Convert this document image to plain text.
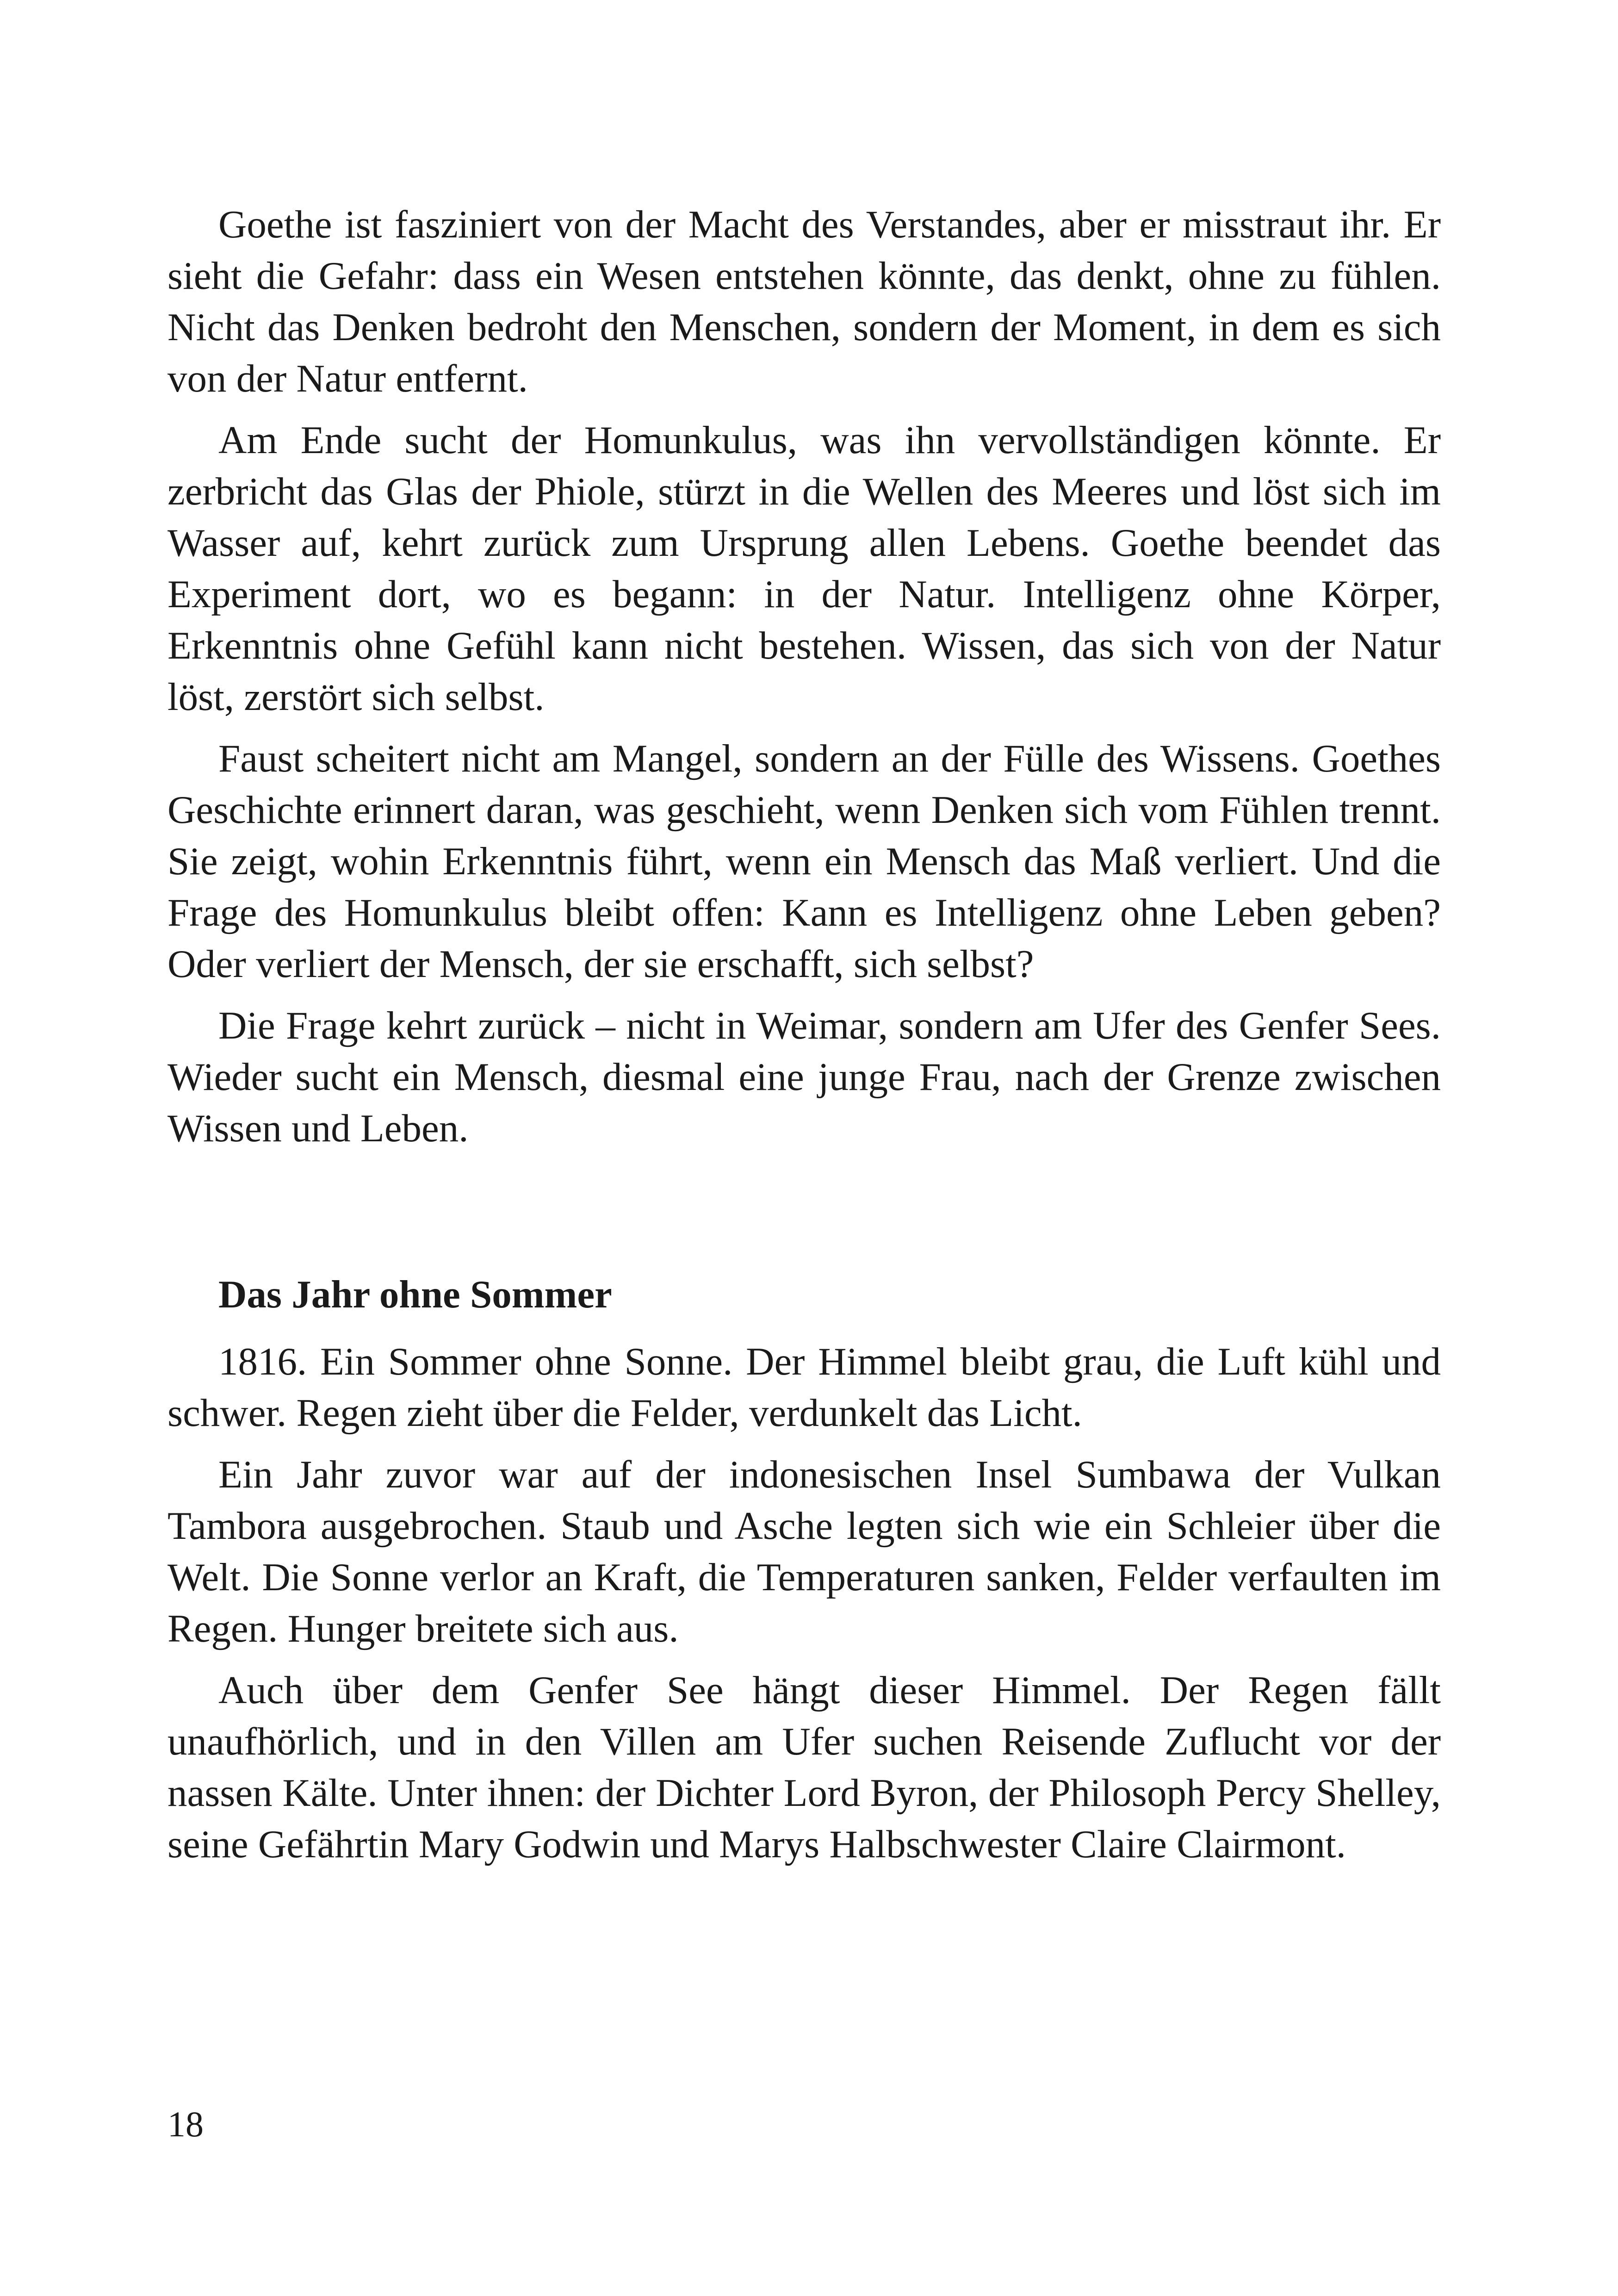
Goethe ist fasziniert von der Macht des Verstandes, aber er misstraut ihr. Er sieht die Gefahr: dass ein Wesen entstehen könnte, das denkt, ohne zu fühlen. Nicht das Denken bedroht den Menschen, sondern der Moment, in dem es sich von der Natur entfernt.

Am Ende sucht der Homunkulus, was ihn vervollständigen könnte. Er zerbricht das Glas der Phiole, stürzt in die Wellen des Meeres und löst sich im Wasser auf, kehrt zurück zum Ursprung allen Lebens. Goethe beendet das Experiment dort, wo es begann: in der Natur. Intelligenz ohne Körper, Erkenntnis ohne Gefühl kann nicht bestehen. Wissen, das sich von der Natur löst, zerstört sich selbst.

Faust scheitert nicht am Mangel, sondern an der Fülle des Wissens. Goethes Geschichte erinnert daran, was geschieht, wenn Denken sich vom Fühlen trennt. Sie zeigt, wohin Erkenntnis führt, wenn ein Mensch das Maß verliert. Und die Frage des Homunkulus bleibt offen: Kann es Intelligenz ohne Leben geben? Oder verliert der Mensch, der sie erschafft, sich selbst?

Die Frage kehrt zurück – nicht in Weimar, sondern am Ufer des Genfer Sees. Wieder sucht ein Mensch, diesmal eine junge Frau, nach der Grenze zwischen Wissen und Leben.

Das Jahr ohne Sommer

1816. Ein Sommer ohne Sonne. Der Himmel bleibt grau, die Luft kühl und schwer. Regen zieht über die Felder, verdunkelt das Licht.

Ein Jahr zuvor war auf der indonesischen Insel Sumbawa der Vulkan Tambora ausgebrochen. Staub und Asche legten sich wie ein Schleier über die Welt. Die Sonne verlor an Kraft, die Temperaturen sanken, Felder verfaulten im Regen. Hunger breitete sich aus.

Auch über dem Genfer See hängt dieser Himmel. Der Regen fällt unaufhörlich, und in den Villen am Ufer suchen Reisende Zuflucht vor der nassen Kälte. Unter ihnen: der Dichter Lord Byron, der Philosoph Percy Shelley, seine Gefährtin Mary Godwin und Marys Halbschwester Claire Clairmont.

18
